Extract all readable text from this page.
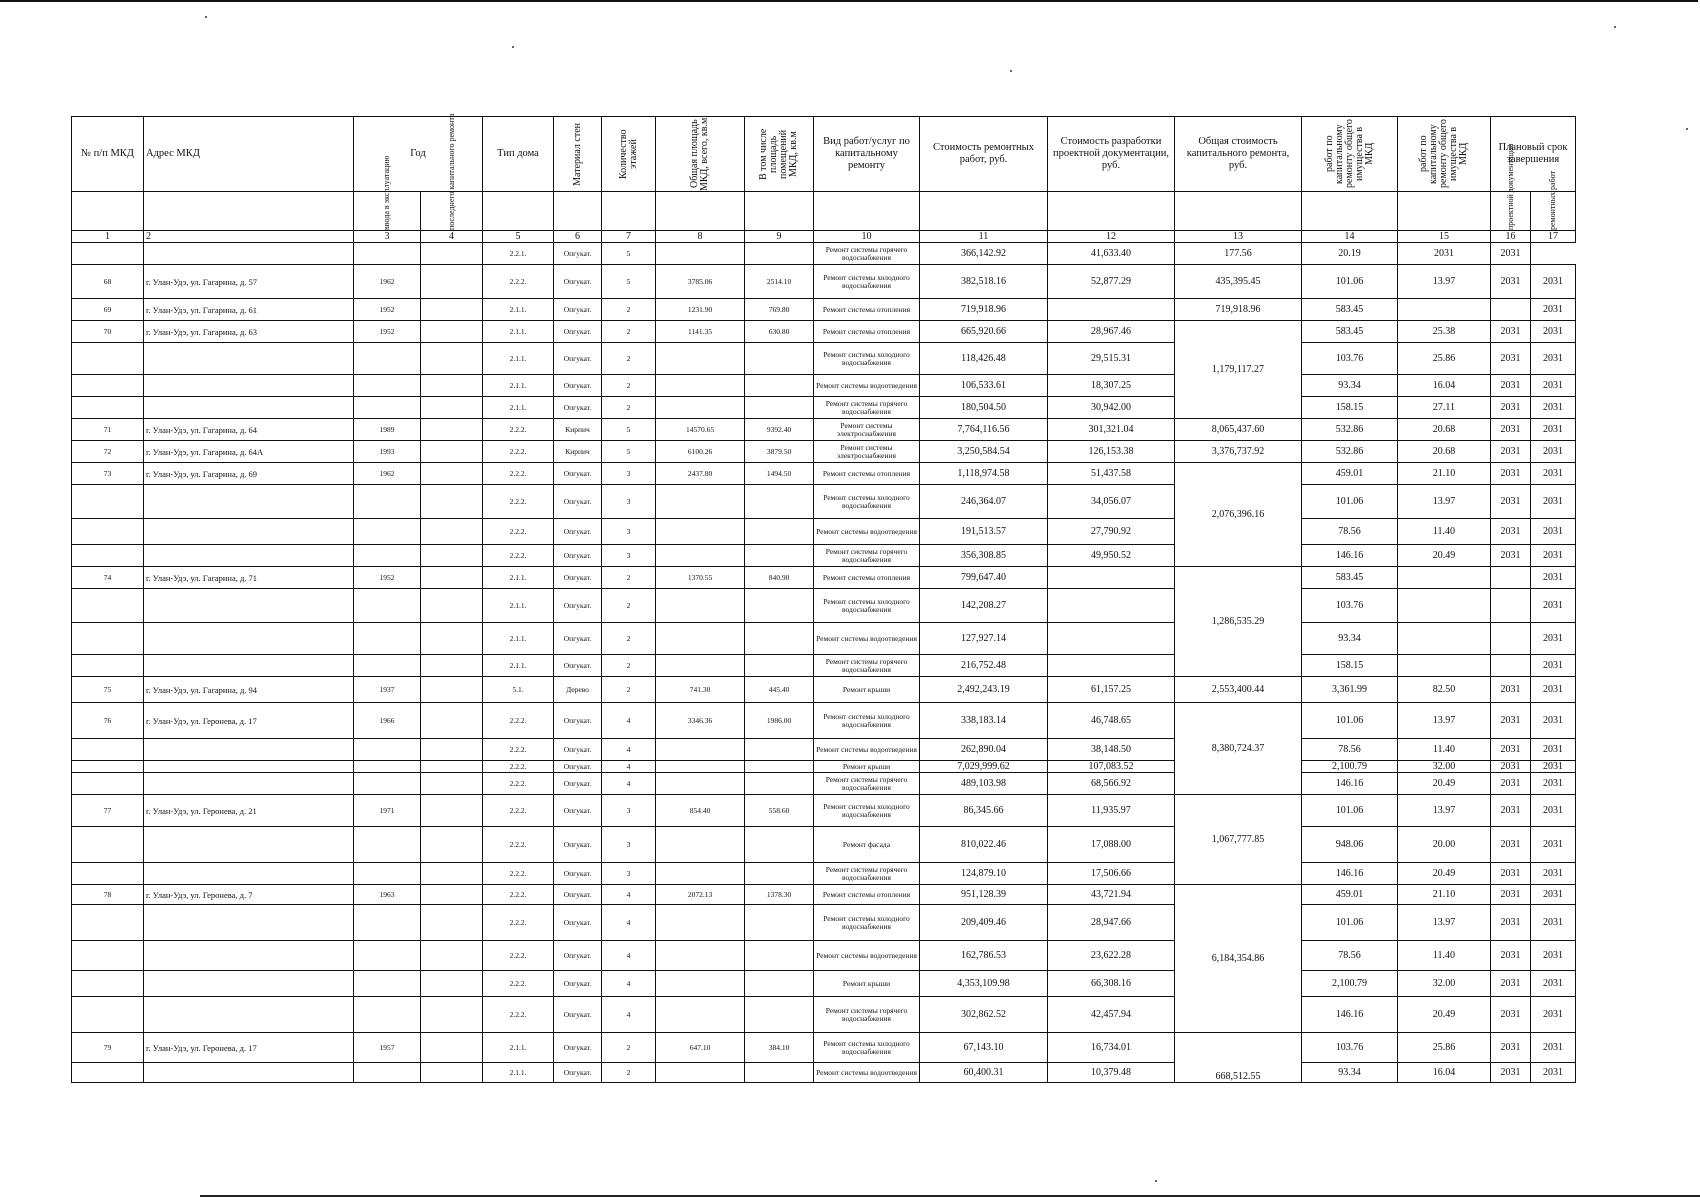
№ п/п МКД	Адрес МКД	Год		Тип дома	Материал стен	Количество этажей	Общая площадь МКД, всего, кв.м	В том числе площадь помещений МКД, кв.м	Вид работ/услуг по капитальному ремонту	Стоимость ремонтных работ, руб.	Стоимость разработки проектной документации, руб.	Общая стоимость капитального ремонта, руб.	работ по капитальному ремонту общего имущества в МКД	работ по капитальному ремонту общего имущества в МКД	Плановый срок завершения	

		ввода в эксплуатацию	последнего капитального ремонта												проектной документации	ремонтных работ

1	2	3	4	5	6	7	8	9	10	11	12	13	14	15	16	17
				2.2.1.	Опгукат.	5			Ремонт системы горячего водоснабжения	366,142.92	41,633.40	177.56	20.19	2031	2031	
68	г. Улан-Удэ, ул. Гагарина, д. 57	1962		2.2.2.	Опгукат.	5	3785.06	2514.10	Ремонт системы холодного водоснабжения	382,518.16	52,877.29	435,395.45	101.06	13.97	2031	2031
69	г. Улан-Удэ, ул. Гагарина, д. 61	1952		2.1.1.	Опгукат.	2	1231.90	769.80	Ремонт системы отопления	719,918.96		719,918.96	583.45			2031
70	г. Улан-Удэ, ул. Гагарина, д. 63	1952		2.1.1.	Опгукат.	2	1141.35	630.80	Ремонт системы отопления	665,920.66	28,967.46	1,179,117.27	583.45	25.38	2031	2031
				2.1.1.	Опгукат.	2			Ремонт системы холодного водоснабжения	118,426.48	29,515.31		103.76	25.86	2031	2031
				2.1.1.	Опгукат.	2			Ремонт системы водоотведения	106,533.61	18,307.25		93.34	16.04	2031	2031
				2.1.1.	Опгукат.	2			Ремонт системы горячего водоснабжения	180,504.50	30,942.00		158.15	27.11	2031	2031
71	г. Улан-Удэ, ул. Гагарина, д. 64	1989		2.2.2.	Кирпич	5	14570.65	9392.40	Ремонт системы электроснабжения	7,764,116.56	301,321.04	8,065,437.60	532.86	20.68	2031	2031
72	г. Улан-Удэ, ул. Гагарина, д. 64А	1993		2.2.2.	Кирпич	5	6100.26	3879.50	Ремонт системы электроснабжения	3,250,584.54	126,153.38	3,376,737.92	532.86	20.68	2031	2031
73	г. Улан-Удэ, ул. Гагарина, д. 69	1962		2.2.2.	Опгукат.	3	2437.80	1494.50	Ремонт системы отопления	1,118,974.58	51,437.58	2,076,396.16	459.01	21.10	2031	2031
				2.2.2.	Опгукат.	3			Ремонт системы холодного водоснабжения	246,364.07	34,056.07		101.06	13.97	2031	2031
				2.2.2.	Опгукат.	3			Ремонт системы водоотведения	191,513.57	27,790.92		78.56	11.40	2031	2031
				2.2.2.	Опгукат.	3			Ремонт системы горячего водоснабжения	356,308.85	49,950.52		146.16	20.49	2031	2031
74	г. Улан-Удэ, ул. Гагарина, д. 71	1952		2.1.1.	Опгукат.	2	1370.55	840.90	Ремонт системы отопления	799,647.40		1,286,535.29	583.45			2031
				2.1.1.	Опгукат.	2			Ремонт системы холодного водоснабжения	142,208.27			103.76			2031
				2.1.1.	Опгукат.	2			Ремонт системы водоотведения	127,927.14			93.34			2031
				2.1.1.	Опгукат.	2			Ремонт системы горячего водоснабжения	216,752.48			158.15			2031
75	г. Улан-Удэ, ул. Гагарина, д. 94	1937		5.1.	Дерево	2	741.30	445.40	Ремонт крыши	2,492,243.19	61,157.25	2,553,400.44	3,361.99	82.50	2031	2031
76	г. Улан-Удэ, ул. Геронева, д. 17	1966		2.2.2.	Опгукат.	4	3346.36	1986.00	Ремонт системы холодного водоснабжения	338,183.14	46,748.65	8,380,724.37	101.06	13.97	2031	2031
				2.2.2.	Опгукат.	4			Ремонт системы водоотведения	262,890.04	38,148.50		78.56	11.40	2031	2031
				2.2.2.	Опгукат.	4			Ремонт крыши	7,029,999.62	107,083.52		2,100.79	32.00	2031	2031
				2.2.2.	Опгукат.	4			Ремонт системы горячего водоснабжения	489,103.98	68,566.92		146.16	20.49	2031	2031
77	г. Улан-Удэ, ул. Геронева, д. 21	1971		2.2.2.	Опгукат.	3	854.40	558.60	Ремонт системы холодного водоснабжения	86,345.66	11,935.97	1,067,777.85	101.06	13.97	2031	2031
				2.2.2.	Опгукат.	3			Ремонт фасада	810,022.46	17,088.00		948.06	20.00	2031	2031
				2.2.2.	Опгукат.	3			Ремонт системы горячего водоснабжения	124,879.10	17,506.66		146.16	20.49	2031	2031
78	г. Улан-Удэ, ул. Геронева, д. 7	1963		2.2.2.	Опгукат.	4	2072.13	1378.30	Ремонт системы отопления	951,128.39	43,721.94	6,184,354.86	459.01	21.10	2031	2031
				2.2.2.	Опгукат.	4			Ремонт системы холодного водоснабжения	209,409.46	28,947.66		101.06	13.97	2031	2031
				2.2.2.	Опгукат.	4			Ремонт системы водоотведения	162,786.53	23,622.28		78.56	11.40	2031	2031
				2.2.2.	Опгукат.	4			Ремонт крыши	4,353,109.98	66,308.16		2,100.79	32.00	2031	2031
				2.2.2.	Опгукат.	4			Ремонт системы горячего водоснабжения	302,862.52	42,457.94		146.16	20.49	2031	2031
79	г. Улан-Удэ, ул. Геронева, д. 17	1957		2.1.1.	Опгукат.	2	647.10	384.10	Ремонт системы холодного водоснабжения	67,143.10	16,734.01	668,512.55	103.76	25.86	2031	2031
				2.1.1.	Опгукат.	2			Ремонт системы водоотведения	60,400.31	10,379.48		93.34	16.04	2031	2031
